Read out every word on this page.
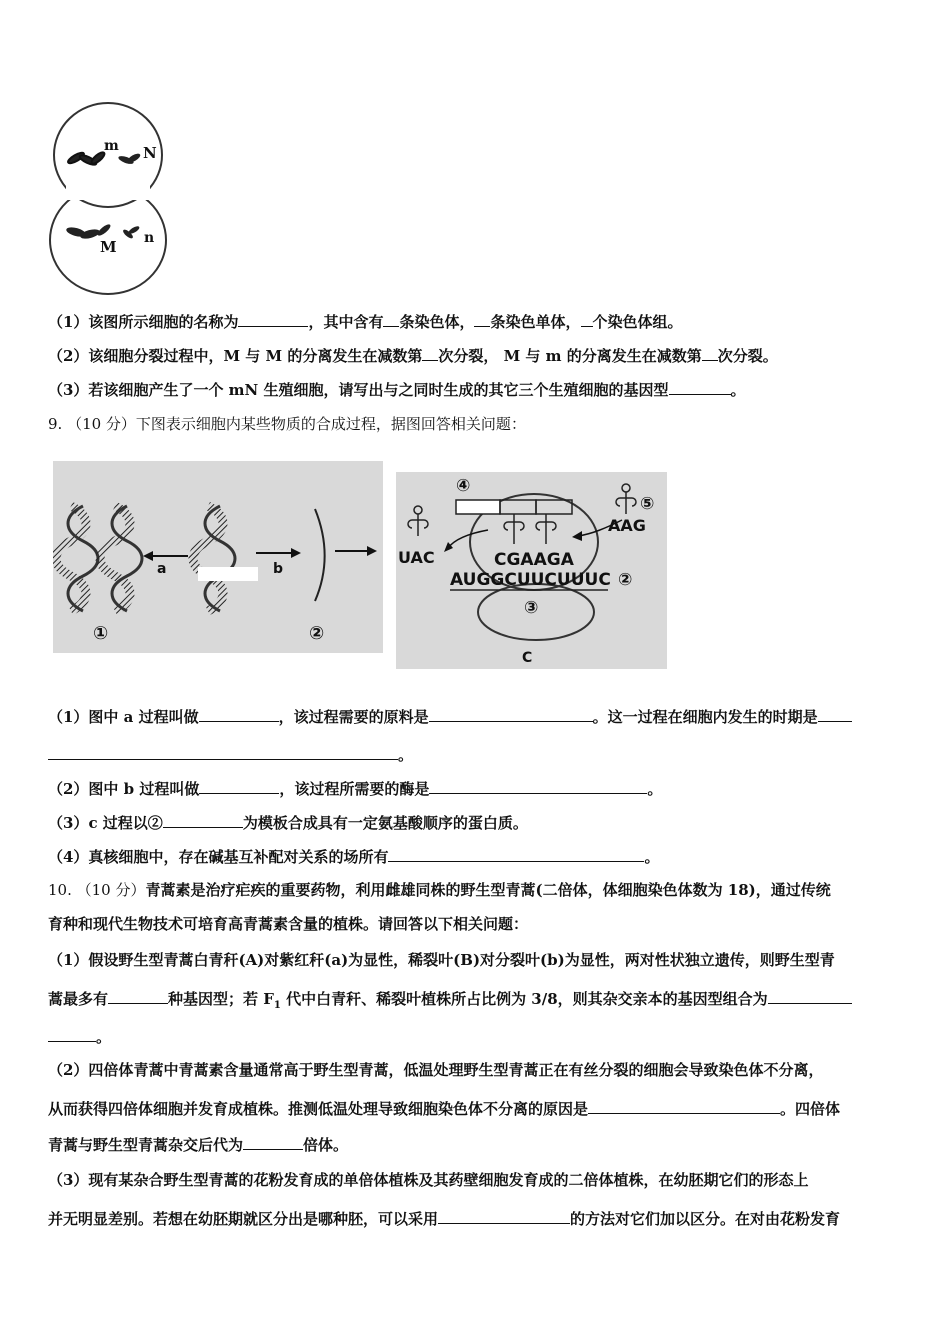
m N
M n
（1）该图所示细胞的名称为	，其中含有 条染色体， 条染色单体， 个染色体组。
（2）该细胞分裂过程中，M 与 M 的分离发生在减数第 次分裂， M 与 m 的分离发生在减数第 次分裂。
（3）若该细胞产生了一个 mN 生殖细胞，请写出与之同时生成的其它三个生殖细胞的基因型	。
9. （10 分）下图表示细胞内某些物质的合成过程，据图回答相关问题：
a	b
①	②
④
⑤
UAC
AAG
CGAAGA
AUGGCUUCUUUC ②
③
C
（1）图中 a 过程叫做	，该过程需要的原料是	。这一过程在细胞内发生的时期是
。
（2）图中 b 过程叫做	，该过程所需要的酶是	。
（3）c 过程以②	为模板合成具有一定氨基酸顺序的蛋白质。
（4）真核细胞中，存在碱基互补配对关系的场所有	。
10. （10 分）青蒿素是治疗疟疾的重要药物，利用雌雄同株的野生型青蒿(二倍体，体细胞染色体数为 18)，通过传统
育种和现代生物技术可培育高青蒿素含量的植株。请回答以下相关问题：
（1）假设野生型青蒿白青秆(A)对紫红秆(a)为显性，稀裂叶(B)对分裂叶(b)为显性，两对性状独立遗传，则野生型青
蒿最多有	种基因型；若 $F_1$ 代中白青秆、稀裂叶植株所占比例为 3/8，则其杂交亲本的基因型组合为
。
（2）四倍体青蒿中青蒿素含量通常高于野生型青蒿，低温处理野生型青蒿正在有丝分裂的细胞会导致染色体不分离，
从而获得四倍体细胞并发育成植株。推测低温处理导致细胞染色体不分离的原因是	。四倍体
青蒿与野生型青蒿杂交后代为	倍体。
（3）现有某杂合野生型青蒿的花粉发育成的单倍体植株及其药壁细胞发育成的二倍体植株，在幼胚期它们的形态上
并无明显差别。若想在幼胚期就区分出是哪种胚，可以采用	的方法对它们加以区分。在对由花粉发育
